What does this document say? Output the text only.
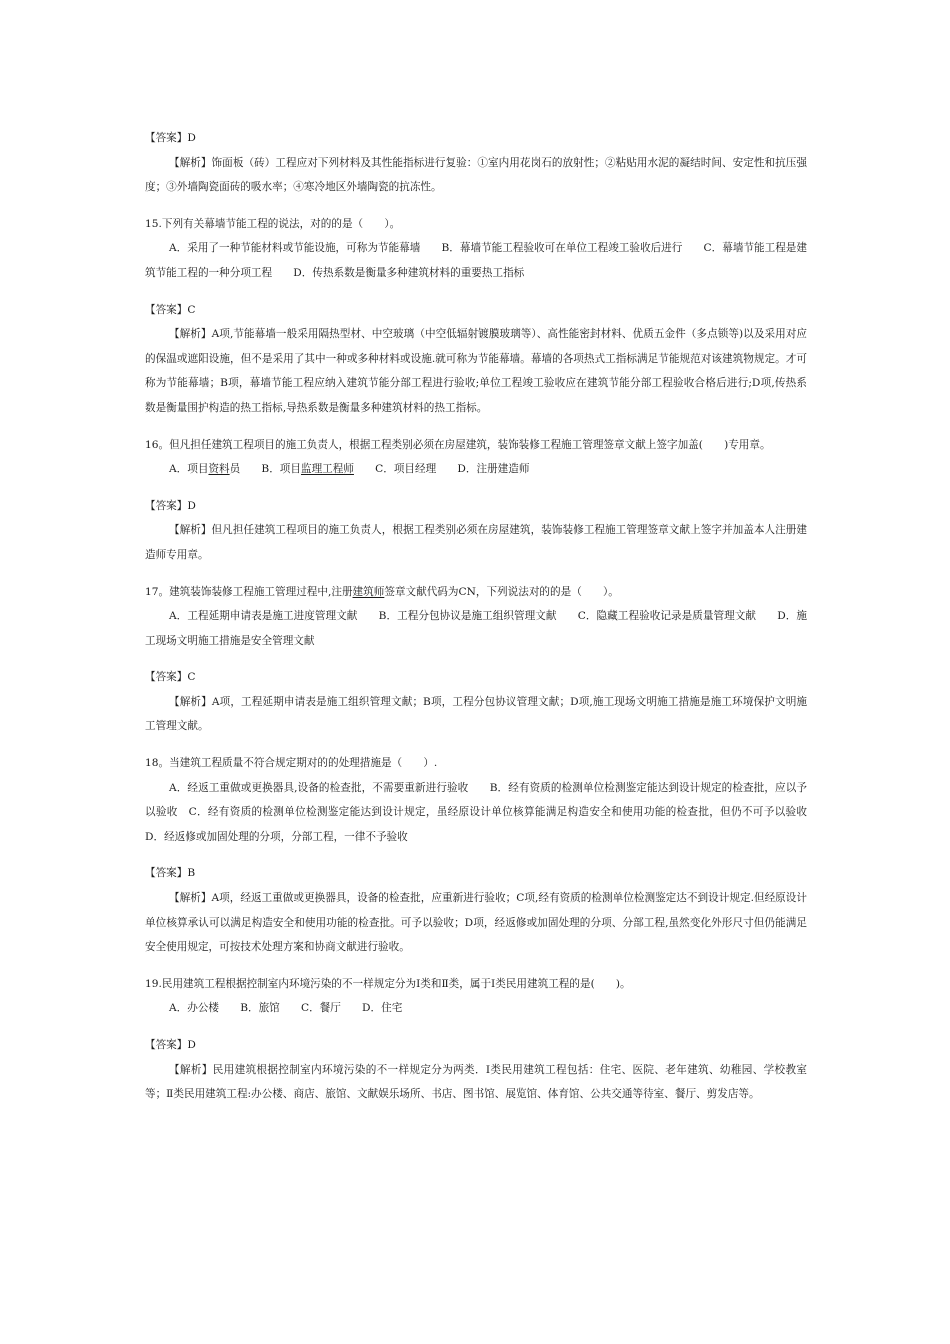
【答案】D

【解析】饰面板（砖）工程应对下列材料及其性能指标进行复验：①室内用花岗石的放射性；②粘贴用水泥的凝结时间、安定性和抗压强度；③外墙陶瓷面砖的吸水率；④寒冷地区外墙陶瓷的抗冻性。

15.下列有关幕墙节能工程的说法，对的的是（　　）。

A．采用了一种节能材料或节能设施，可称为节能幕墙　　B．幕墙节能工程验收可在单位工程竣工验收后进行　　C．幕墙节能工程是建筑节能工程的一种分项工程　　D．传热系数是衡量多种建筑材料的重要热工指标

【答案】C

【解析】A项,节能幕墙一般采用隔热型材、中空玻璃（中空低辐射镀膜玻璃等）、高性能密封材料、优质五金件（多点锁等)以及采用对应的保温或遮阳设施，但不是采用了其中一种或多种材料或设施.就可称为节能幕墙。幕墙的各项热式工指标满足节能规范对该建筑物规定。才可称为节能幕墙；B项，幕墙节能工程应纳入建筑节能分部工程进行验收;单位工程竣工验收应在建筑节能分部工程验收合格后进行;D项,传热系数是衡量围护构造的热工指标,导热系数是衡量多种建筑材料的热工指标。

16。但凡担任建筑工程项目的施工负责人，根据工程类别必须在房屋建筑，装饰装修工程施工管理签章文献上签字加盖(　　)专用章。

A．项目资料员　　B．项目监理工程师　　C．项目经理　　D．注册建造师

【答案】D

【解析】但凡担任建筑工程项目的施工负责人，根据工程类别必须在房屋建筑，装饰装修工程施工管理签章文献上签字并加盖本人注册建造师专用章。

17。建筑装饰装修工程施工管理过程中,注册建筑师签章文献代码为CN，下列说法对的的是（　　）。

A．工程延期申请表是施工进度管理文献　　B．工程分包协议是施工组织管理文献　　C．隐藏工程验收记录是质量管理文献　　D．施工现场文明施工措施是安全管理文献

【答案】C

【解析】A项，工程延期申请表是施工组织管理文献；B项，工程分包协议管理文献；D项,施工现场文明施工措施是施工环境保护文明施工管理文献。

18。当建筑工程质量不符合规定期对的的处理措施是（　　）.

A．经返工重做或更换器具,设备的检查批，不需要重新进行验收　　B．经有资质的检测单位检测鉴定能达到设计规定的检查批，应以予以验收　C．经有资质的检测单位检测鉴定能达到设计规定，虽经原设计单位核算能满足构造安全和使用功能的检查批，但仍不可予以验收　D．经返修或加固处理的分项，分部工程，一律不予验收

【答案】B

【解析】A项，经返工重做或更换器具，设备的检查批，应重新进行验收；C项,经有资质的检测单位检测鉴定达不到设计规定.但经原设计单位核算承认可以满足构造安全和使用功能的检查批。可予以验收；D项，经返修或加固处理的分项、分部工程,虽然变化外形尺寸但仍能满足安全使用规定，可按技术处理方案和协商文献进行验收。

19.民用建筑工程根据控制室内环境污染的不一样规定分为Ⅰ类和Ⅱ类，属于Ⅰ类民用建筑工程的是(　　)。

A．办公楼　　B．旅馆　　C．餐厅　　D．住宅

【答案】D

【解析】民用建筑根据控制室内环境污染的不一样规定分为两类．Ⅰ类民用建筑工程包括：住宅、医院、老年建筑、幼稚园、学校教室等；Ⅱ类民用建筑工程:办公楼、商店、旅馆、文献娱乐场所、书店、图书馆、展览馆、体育馆、公共交通等待室、餐厅、剪发店等。
